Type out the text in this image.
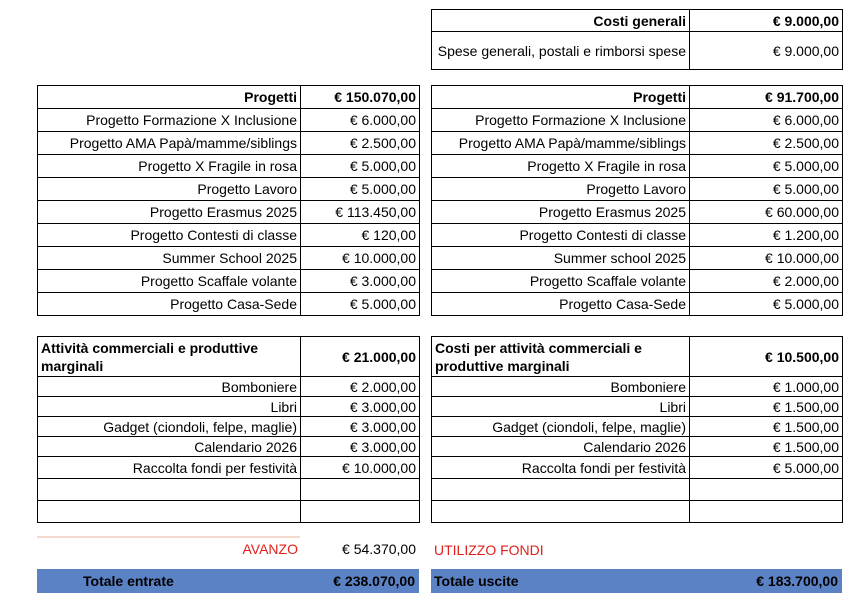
Costi generali	€ 9.000,00
Spese generali, postali e rimborsi spese	€ 9.000,00
Progetti	€ 150.070,00
Progetto Formazione X Inclusione	€ 6.000,00
Progetto AMA Papà/mamme/siblings	€ 2.500,00
Progetto X Fragile in rosa	€ 5.000,00
Progetto Lavoro	€ 5.000,00
Progetto Erasmus 2025	€ 113.450,00
Progetto Contesti di classe	€ 120,00
Summer School 2025	€ 10.000,00
Progetto Scaffale volante	€ 3.000,00
Progetto Casa-Sede	€ 5.000,00
Progetti	€ 91.700,00
Progetto Formazione X Inclusione	€ 6.000,00
Progetto AMA Papà/mamme/siblings	€ 2.500,00
Progetto X Fragile in rosa	€ 5.000,00
Progetto Lavoro	€ 5.000,00
Progetto Erasmus 2025	€ 60.000,00
Progetto Contesti di classe	€ 1.200,00
Summer school 2025	€ 10.000,00
Progetto Scaffale volante	€ 2.000,00
Progetto Casa-Sede	€ 5.000,00
Attività commerciali e produttive marginali	€ 21.000,00
Bomboniere	€ 2.000,00
Libri	€ 3.000,00
Gadget (ciondoli, felpe, maglie)	€ 3.000,00
Calendario 2026	€ 3.000,00
Raccolta fondi per festività	€ 10.000,00

Costi per attività commerciali e produttive marginali	€ 10.500,00
Bomboniere	€ 1.000,00
Libri	€ 1.500,00
Gadget (ciondoli, felpe, maglie)	€ 1.500,00
Calendario 2026	€ 1.500,00
Raccolta fondi per festività	€ 5.000,00

AVANZO	€ 54.370,00 UTILIZZO FONDI
Totale entrate	€ 238.070,00 Totale uscite	€ 183.700,00
